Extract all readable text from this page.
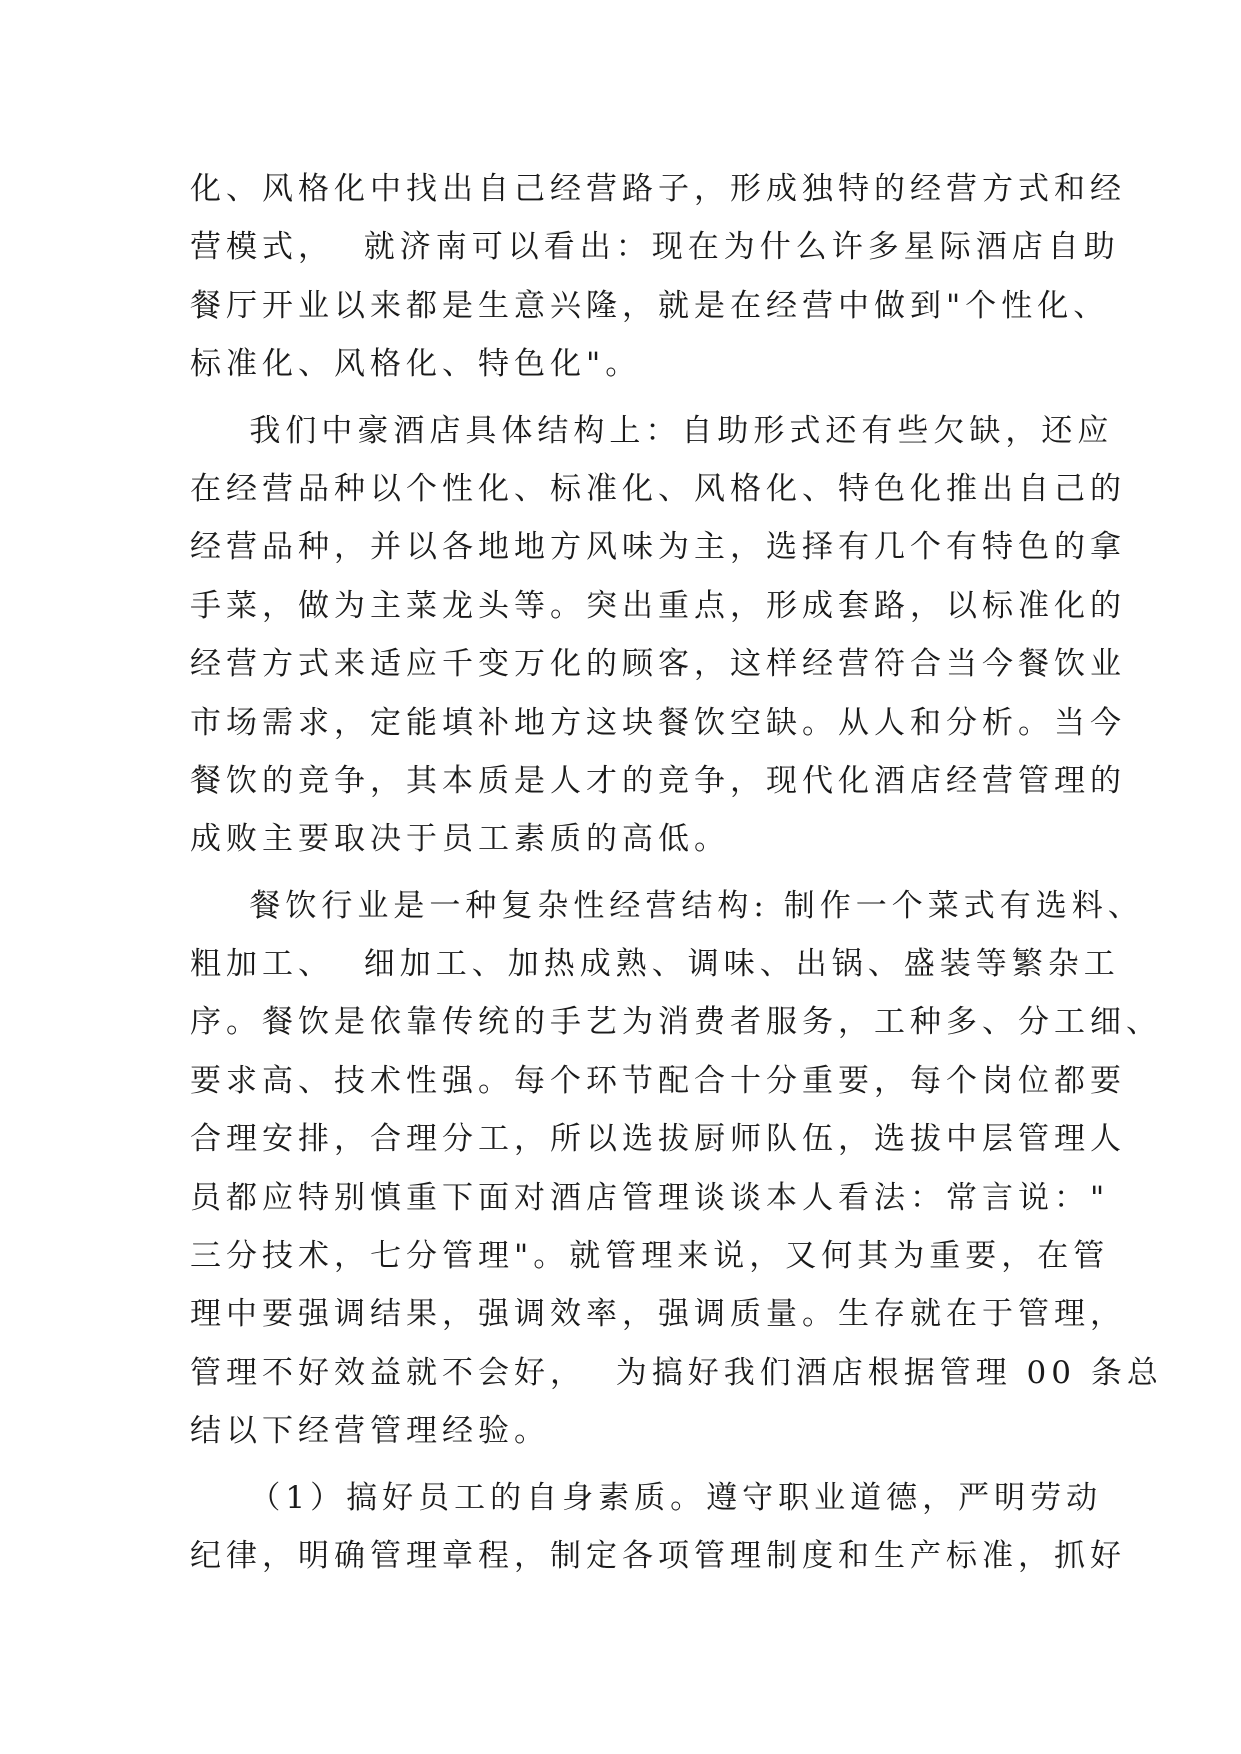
化、风格化中找出自己经营路子，形成独特的经营方式和经
营模式，  就济南可以看出：现在为什么许多星际酒店自助
餐厅开业以来都是生意兴隆，就是在经营中做到"个性化、
标准化、风格化、特色化"。
我们中豪酒店具体结构上：自助形式还有些欠缺，还应
在经营品种以个性化、标准化、风格化、特色化推出自己的
经营品种，并以各地地方风味为主，选择有几个有特色的拿
手菜，做为主菜龙头等。突出重点，形成套路，以标准化的
经营方式来适应千变万化的顾客，这样经营符合当今餐饮业
市场需求，定能填补地方这块餐饮空缺。从人和分析。当今
餐饮的竞争，其本质是人才的竞争，现代化酒店经营管理的
成败主要取决于员工素质的高低。
餐饮行业是一种复杂性经营结构: 制作一个菜式有选料、
粗加工、  细加工、加热成熟、调味、出锅、盛装等繁杂工
序。餐饮是依靠传统的手艺为消费者服务，工种多、分工细、
要求高、技术性强。每个环节配合十分重要，每个岗位都要
合理安排，合理分工，所以选拔厨师队伍，选拔中层管理人
员都应特别慎重下面对酒店管理谈谈本人看法：常言说："
三分技术，七分管理"。就管理来说，又何其为重要，在管
理中要强调结果，强调效率，强调质量。生存就在于管理，
管理不好效益就不会好，  为搞好我们酒店根据管理 00 条总
结以下经营管理经验。
（1）搞好员工的自身素质。遵守职业道德，严明劳动
纪律，明确管理章程，制定各项管理制度和生产标准，抓好
